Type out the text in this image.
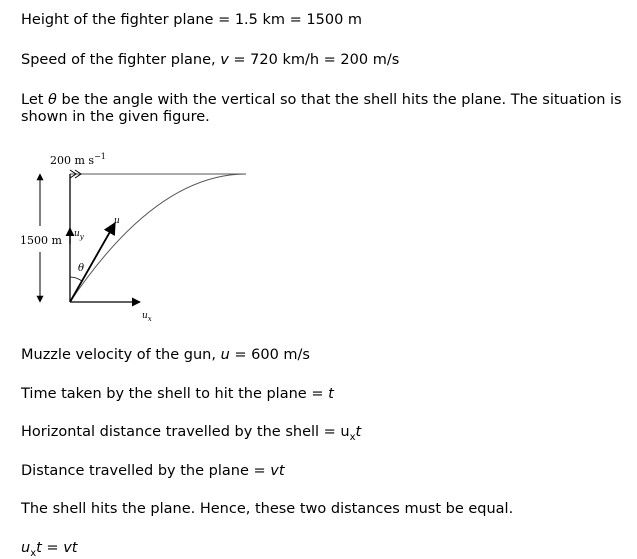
Height of the fighter plane = 1.5 km = 1500 m
Speed of the fighter plane, v = 720 km/h = 200 m/s
Let θ be the angle with the vertical so that the shell hits the plane. The situation is shown in the given figure.
200 m $s^{-1}$
1500 m $u_y$
u
θ
$u_x$
Muzzle velocity of the gun, u = 600 m/s
Time taken by the shell to hit the plane = t
Horizontal distance travelled by the shell = $u_xt$
Distance travelled by the plane = vt
The shell hits the plane. Hence, these two distances must be equal.
$u_xt$ = vt
